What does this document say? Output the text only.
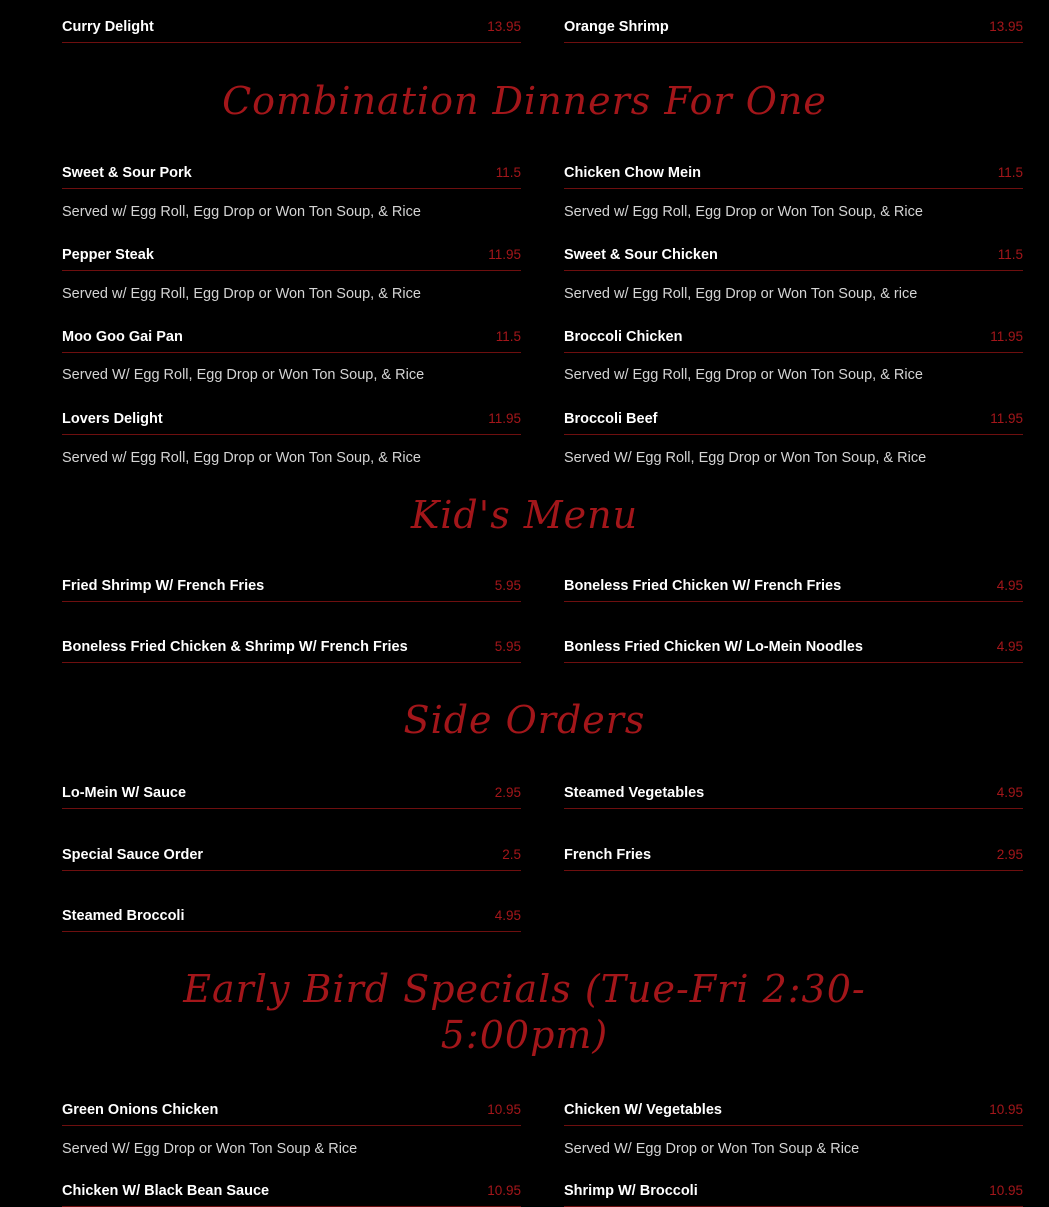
Curry Delight	13.95	Orange Shrimp	13.95
Combination Dinners For One
Sweet & Sour Pork	11.5
Served w/ Egg Roll, Egg Drop or Won Ton Soup, & Rice
Chicken Chow Mein	11.5
Served w/ Egg Roll, Egg Drop or Won Ton Soup, & Rice
Pepper Steak	11.95
Served w/ Egg Roll, Egg Drop or Won Ton Soup, & Rice
Sweet & Sour Chicken	11.5
Served w/ Egg Roll, Egg Drop or Won Ton Soup, & rice
Moo Goo Gai Pan	11.5
Served W/ Egg Roll, Egg Drop or Won Ton Soup, & Rice
Broccoli Chicken	11.95
Served w/ Egg Roll, Egg Drop or Won Ton Soup, & Rice
Lovers Delight	11.95
Served w/ Egg Roll, Egg Drop or Won Ton Soup, & Rice
Broccoli Beef	11.95
Served W/ Egg Roll, Egg Drop or Won Ton Soup, & Rice
Kid's Menu
Fried Shrimp W/ French Fries	5.95	Boneless Fried Chicken W/ French Fries	4.95
Boneless Fried Chicken & Shrimp W/ French Fries	5.95	Bonless Fried Chicken W/ Lo-Mein Noodles	4.95
Side Orders
Lo-Mein W/ Sauce	2.95	Steamed Vegetables	4.95
Special Sauce Order	2.5	French Fries	2.95
Steamed Broccoli	4.95
Early Bird Specials (Tue-Fri 2:30-
5:00pm)
Green Onions Chicken	10.95
Served W/ Egg Drop or Won Ton Soup & Rice
Chicken W/ Vegetables	10.95
Served W/ Egg Drop or Won Ton Soup & Rice
Chicken W/ Black Bean Sauce	10.95	Shrimp W/ Broccoli	10.95
